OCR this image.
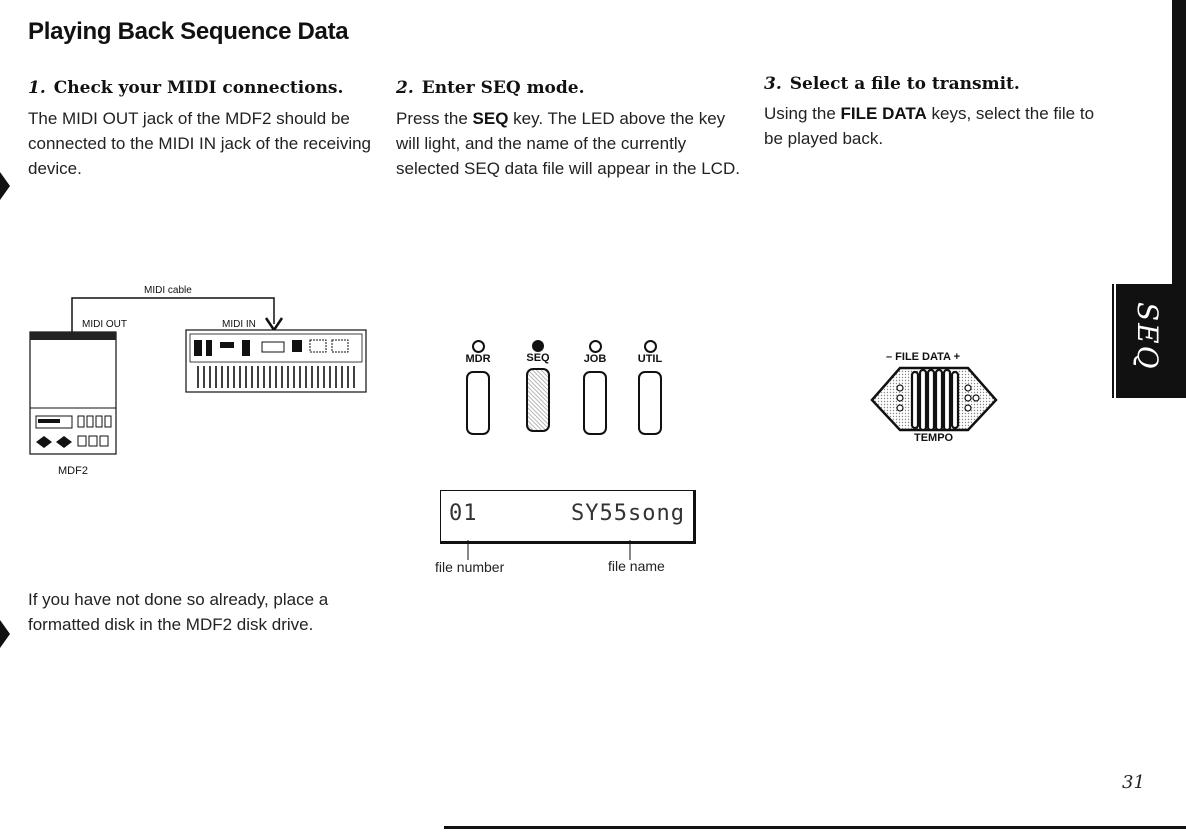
Playing Back Sequence Data
SEQ
1. Check your MIDI connections.
The MIDI OUT jack of the MDF2 should be connected to the MIDI IN jack of the receiving device.
2. Enter SEQ mode.
Press the SEQ key. The LED above the key will light, and the name of the currently selected SEQ data file will appear in the LCD.
3. Select a file to transmit.
Using the FILE DATA keys, select the file to be played back.
If you have not done so already, place a formatted disk in the MDF2 disk drive.
MIDI cable
MIDI OUT	MIDI IN
MDF2
MDR	SEQ	JOB	UTIL
01	SY55song
file number	file name
– FILE DATA +
TEMPO
31
